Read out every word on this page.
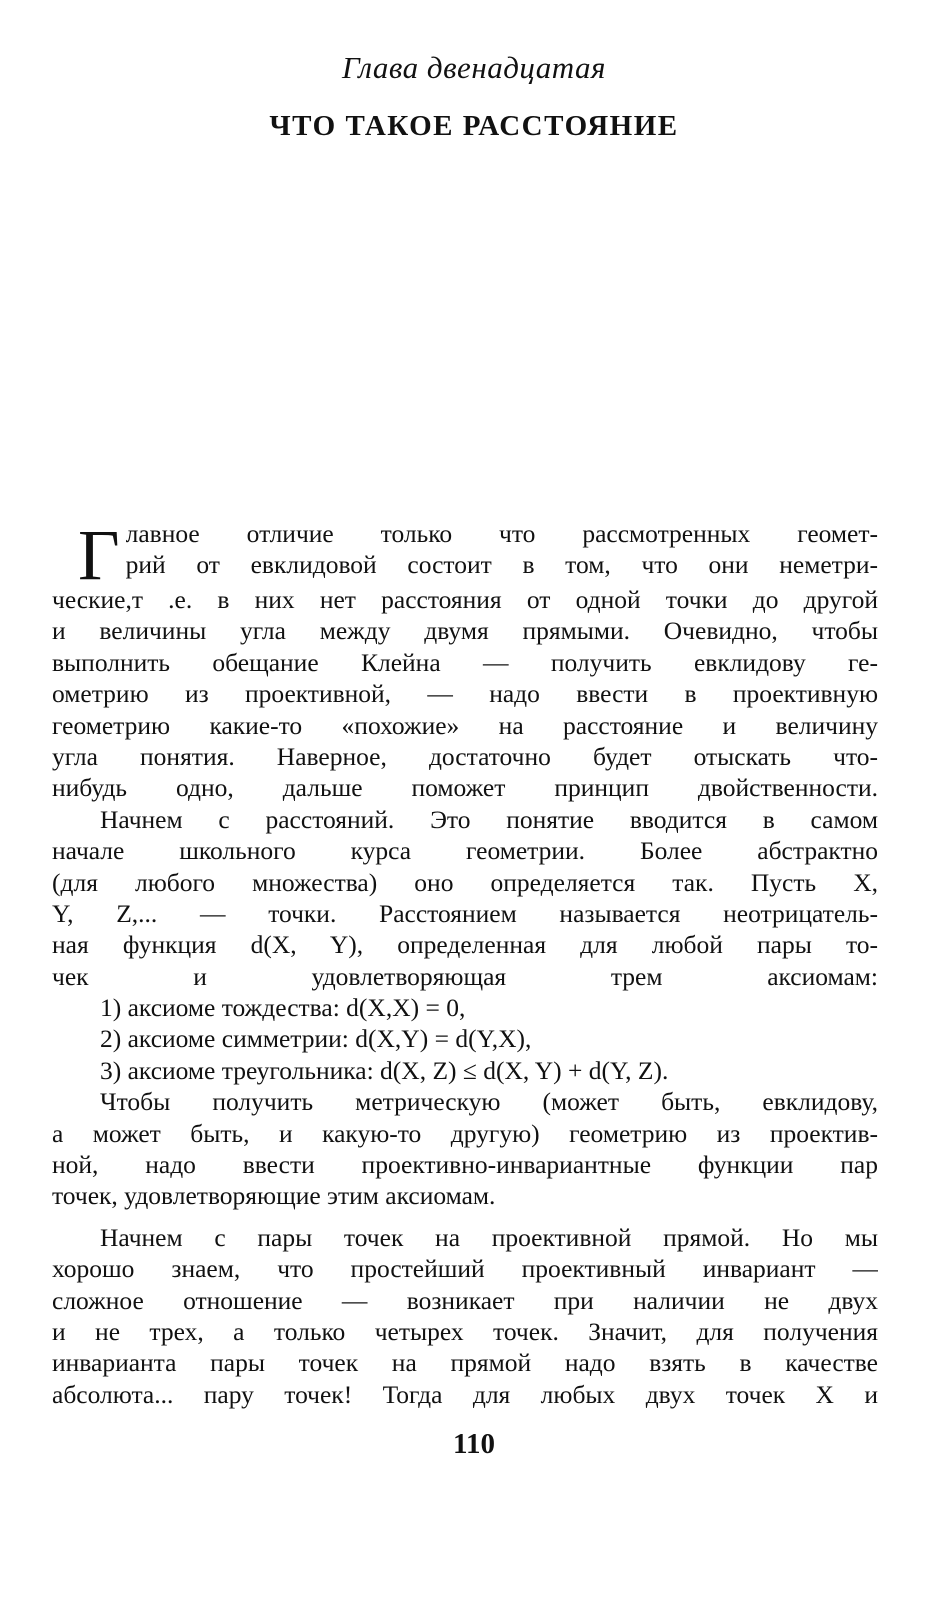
Глава двенадцатая
ЧТО ТАКОЕ РАССТОЯНИЕ
Г лавное отличие только что рассмотренных геомет-
рий от евклидовой состоит в том, что они неметри-
ческие,т .е. в них нет расстояния от одной точки до другой
и величины угла между двумя прямыми. Очевидно, чтобы
выполнить обещание Клейна — получить евклидову ге-
ометрию из проективной, — надо ввести в проективную
геометрию какие-то «похожие» на расстояние и величину
угла понятия. Наверное, достаточно будет отыскать что-
нибудь одно, дальше поможет принцип двойственности.
Начнем с расстояний. Это понятие вводится в самом
начале школьного курса геометрии. Более абстрактно
(для любого множества) оно определяется так. Пусть X,
Y, Z,... — точки. Расстоянием называется неотрицатель-
ная функция d(X, Y), определенная для любой пары то-
чек и удовлетворяющая трем аксиомам:
1) аксиоме тождества: d(X,X) = 0,
2) аксиоме симметрии: d(X,Y) = d(Y,X),
3) аксиоме треугольника: d(X, Z) ≤ d(X, Y) + d(Y, Z).
Чтобы получить метрическую (может быть, евклидову,
а может быть, и какую-то другую) геометрию из проектив-
ной, надо ввести проективно-инвариантные функции пар
точек, удовлетворяющие этим аксиомам.
Начнем с пары точек на проективной прямой. Но мы
хорошо знаем, что простейший проективный инвариант —
сложное отношение — возникает при наличии не двух
и не трех, а только четырех точек. Значит, для получения
инварианта пары точек на прямой надо взять в качестве
абсолюта... пару точек! Тогда для любых двух точек X и
110
